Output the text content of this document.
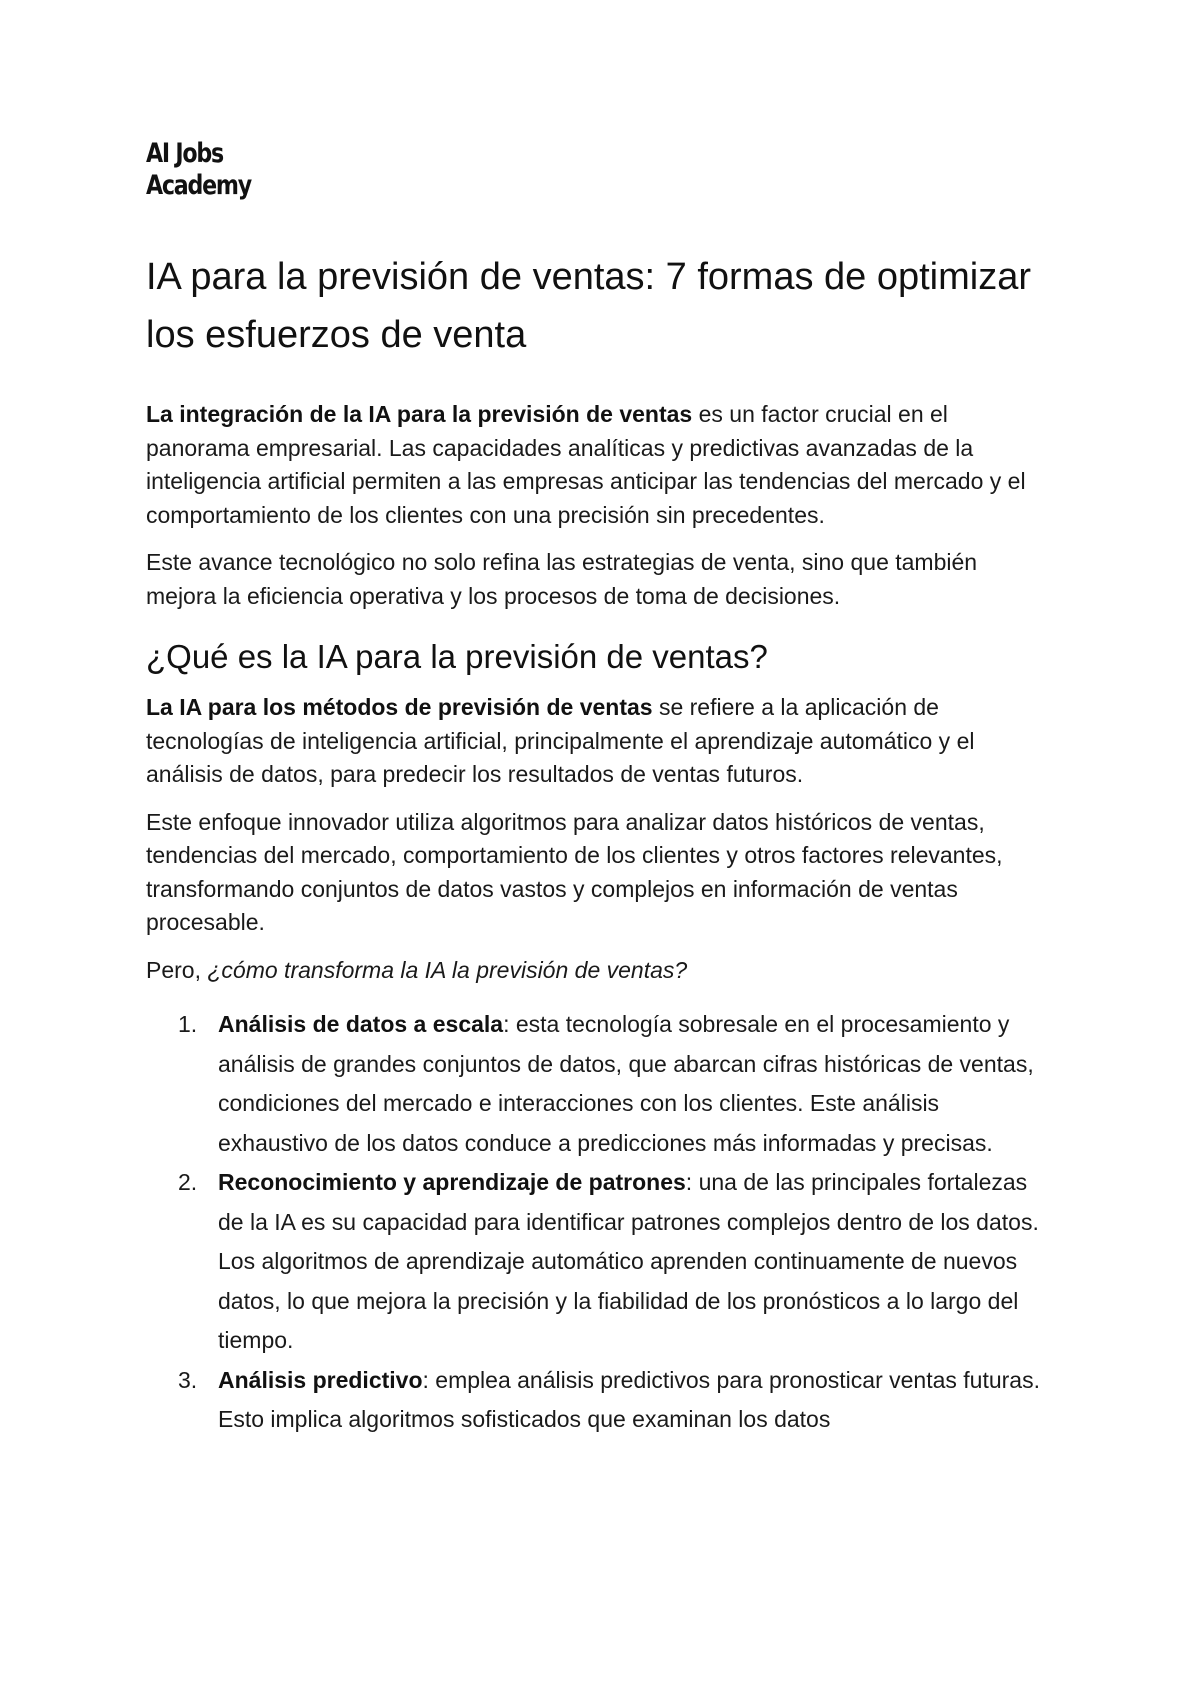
AI Jobs
Academy
IA para la previsión de ventas: 7 formas de optimizar los esfuerzos de venta

La integración de la IA para la previsión de ventas es un factor crucial en el panorama empresarial. Las capacidades analíticas y predictivas avanzadas de la inteligencia artificial permiten a las empresas anticipar las tendencias del mercado y el comportamiento de los clientes con una precisión sin precedentes.

Este avance tecnológico no solo refina las estrategias de venta, sino que también mejora la eficiencia operativa y los procesos de toma de decisiones.

¿Qué es la IA para la previsión de ventas?

La IA para los métodos de previsión de ventas se refiere a la aplicación de tecnologías de inteligencia artificial, principalmente el aprendizaje automático y el análisis de datos, para predecir los resultados de ventas futuros.

Este enfoque innovador utiliza algoritmos para analizar datos históricos de ventas, tendencias del mercado, comportamiento de los clientes y otros factores relevantes, transformando conjuntos de datos vastos y complejos en información de ventas procesable.

Pero, ¿cómo transforma la IA la previsión de ventas?

1. Análisis de datos a escala: esta tecnología sobresale en el procesamiento y análisis de grandes conjuntos de datos, que abarcan cifras históricas de ventas, condiciones del mercado e interacciones con los clientes. Este análisis exhaustivo de los datos conduce a predicciones más informadas y precisas.
2. Reconocimiento y aprendizaje de patrones: una de las principales fortalezas de la IA es su capacidad para identificar patrones complejos dentro de los datos. Los algoritmos de aprendizaje automático aprenden continuamente de nuevos datos, lo que mejora la precisión y la fiabilidad de los pronósticos a lo largo del tiempo.
3. Análisis predictivo: emplea análisis predictivos para pronosticar ventas futuras. Esto implica algoritmos sofisticados que examinan los datos
